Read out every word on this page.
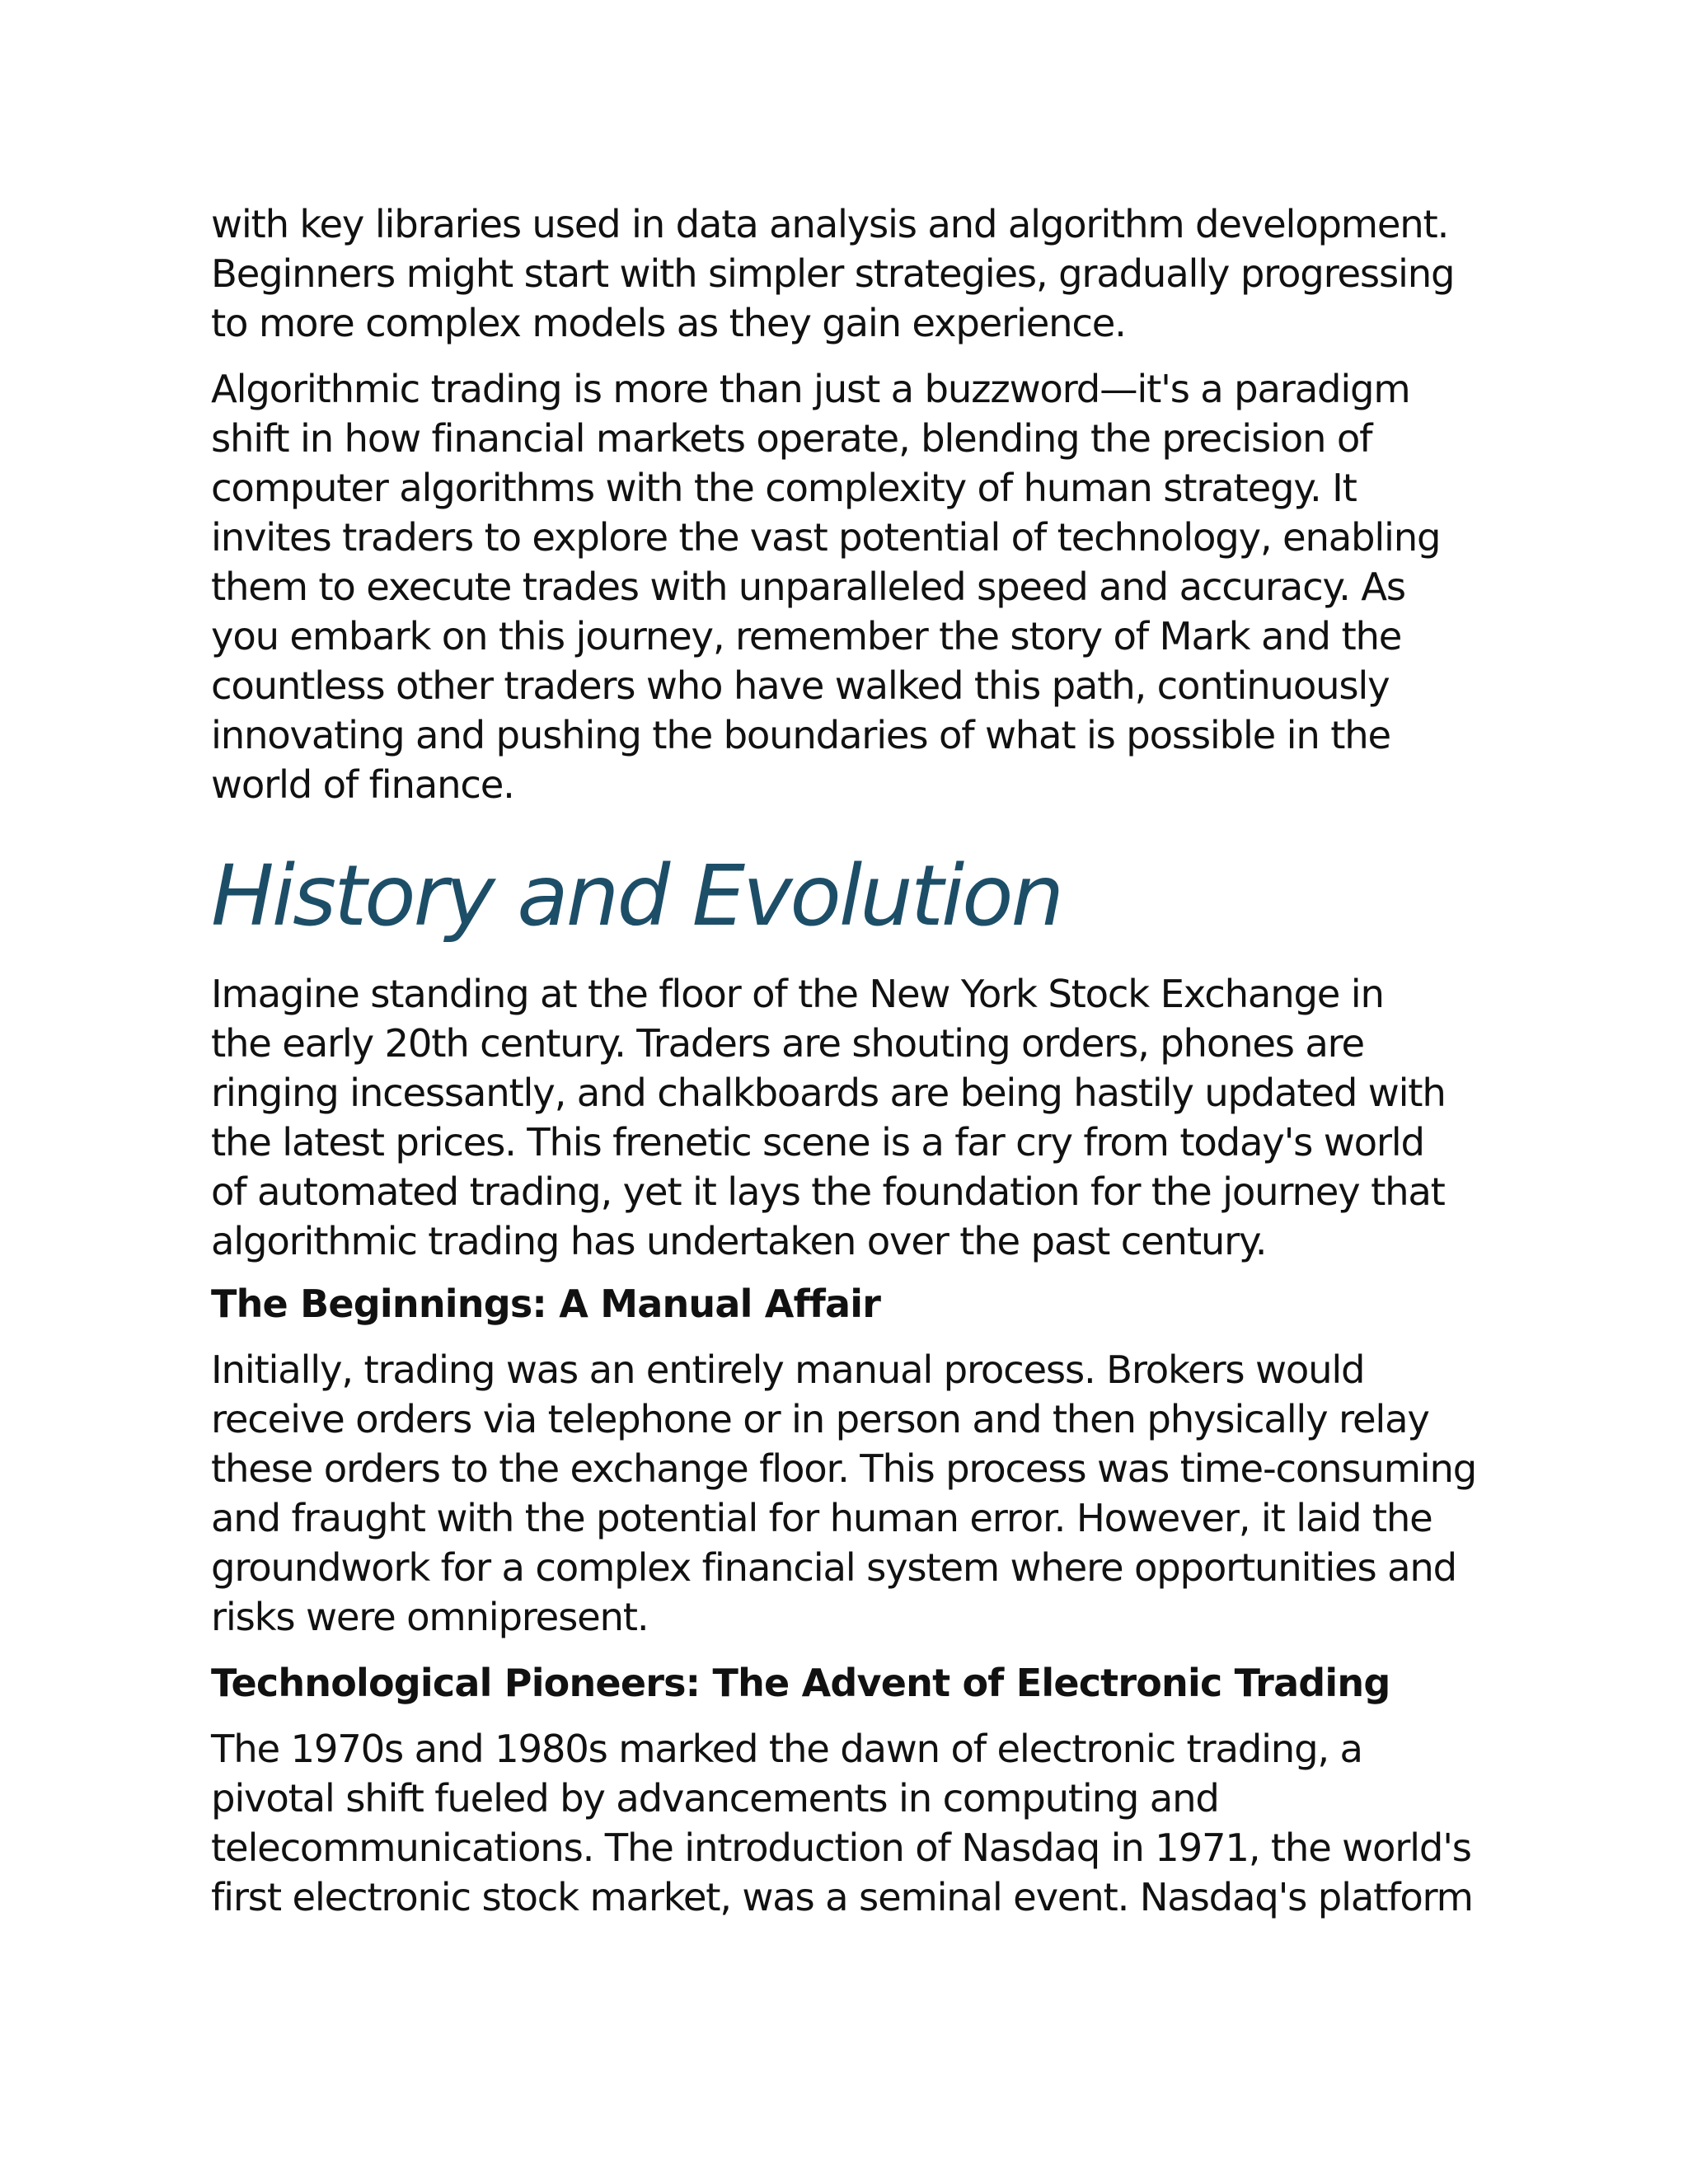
with key libraries used in data analysis and algorithm development.
Beginners might start with simpler strategies, gradually progressing
to more complex models as they gain experience.

Algorithmic trading is more than just a buzzword—it's a paradigm
shift in how financial markets operate, blending the precision of
computer algorithms with the complexity of human strategy. It
invites traders to explore the vast potential of technology, enabling
them to execute trades with unparalleled speed and accuracy. As
you embark on this journey, remember the story of Mark and the
countless other traders who have walked this path, continuously
innovating and pushing the boundaries of what is possible in the
world of finance.

History and Evolution

Imagine standing at the floor of the New York Stock Exchange in
the early 20th century. Traders are shouting orders, phones are
ringing incessantly, and chalkboards are being hastily updated with
the latest prices. This frenetic scene is a far cry from today's world
of automated trading, yet it lays the foundation for the journey that
algorithmic trading has undertaken over the past century.

The Beginnings: A Manual Affair

Initially, trading was an entirely manual process. Brokers would
receive orders via telephone or in person and then physically relay
these orders to the exchange floor. This process was time-consuming
and fraught with the potential for human error. However, it laid the
groundwork for a complex financial system where opportunities and
risks were omnipresent.

Technological Pioneers: The Advent of Electronic Trading

The 1970s and 1980s marked the dawn of electronic trading, a
pivotal shift fueled by advancements in computing and
telecommunications. The introduction of Nasdaq in 1971, the world's
first electronic stock market, was a seminal event. Nasdaq's platform
